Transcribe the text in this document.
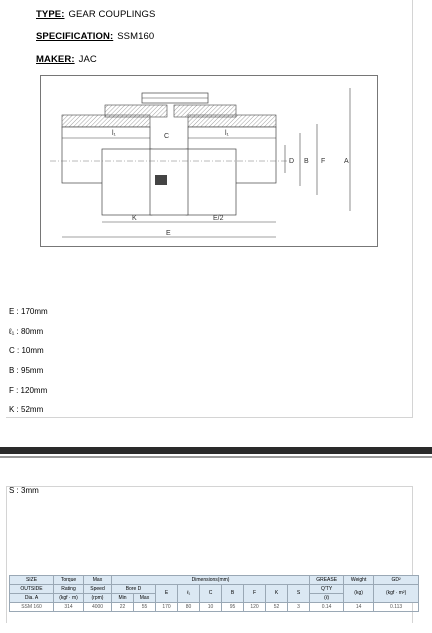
TYPE: GEAR COUPLINGS
SPECIFICATION: SSM160
MAKER: JAC
l₁	l₁
C
K	E/2
E
D B F	A
E : 170mm
ℓ₁ : 80mm
C : 10mm
B : 95mm
F : 120mm
K : 52mm
S : 3mm
SIZE	Torque	Max	Dimensions(mm)									GREASE	Weight	GD²
OUTSIDE	Rating	Speed	Bore D		E	ℓ₁	C	B	F	K	S	Q'TY	(kg)	(kgf · m²)
Dia. A	(kgf · m)	(rpm)	Min	Max								(ℓ)		
SSM 160	314	4000	22	55	170	80	10	95	120	52	3	0.14	14	0.113
